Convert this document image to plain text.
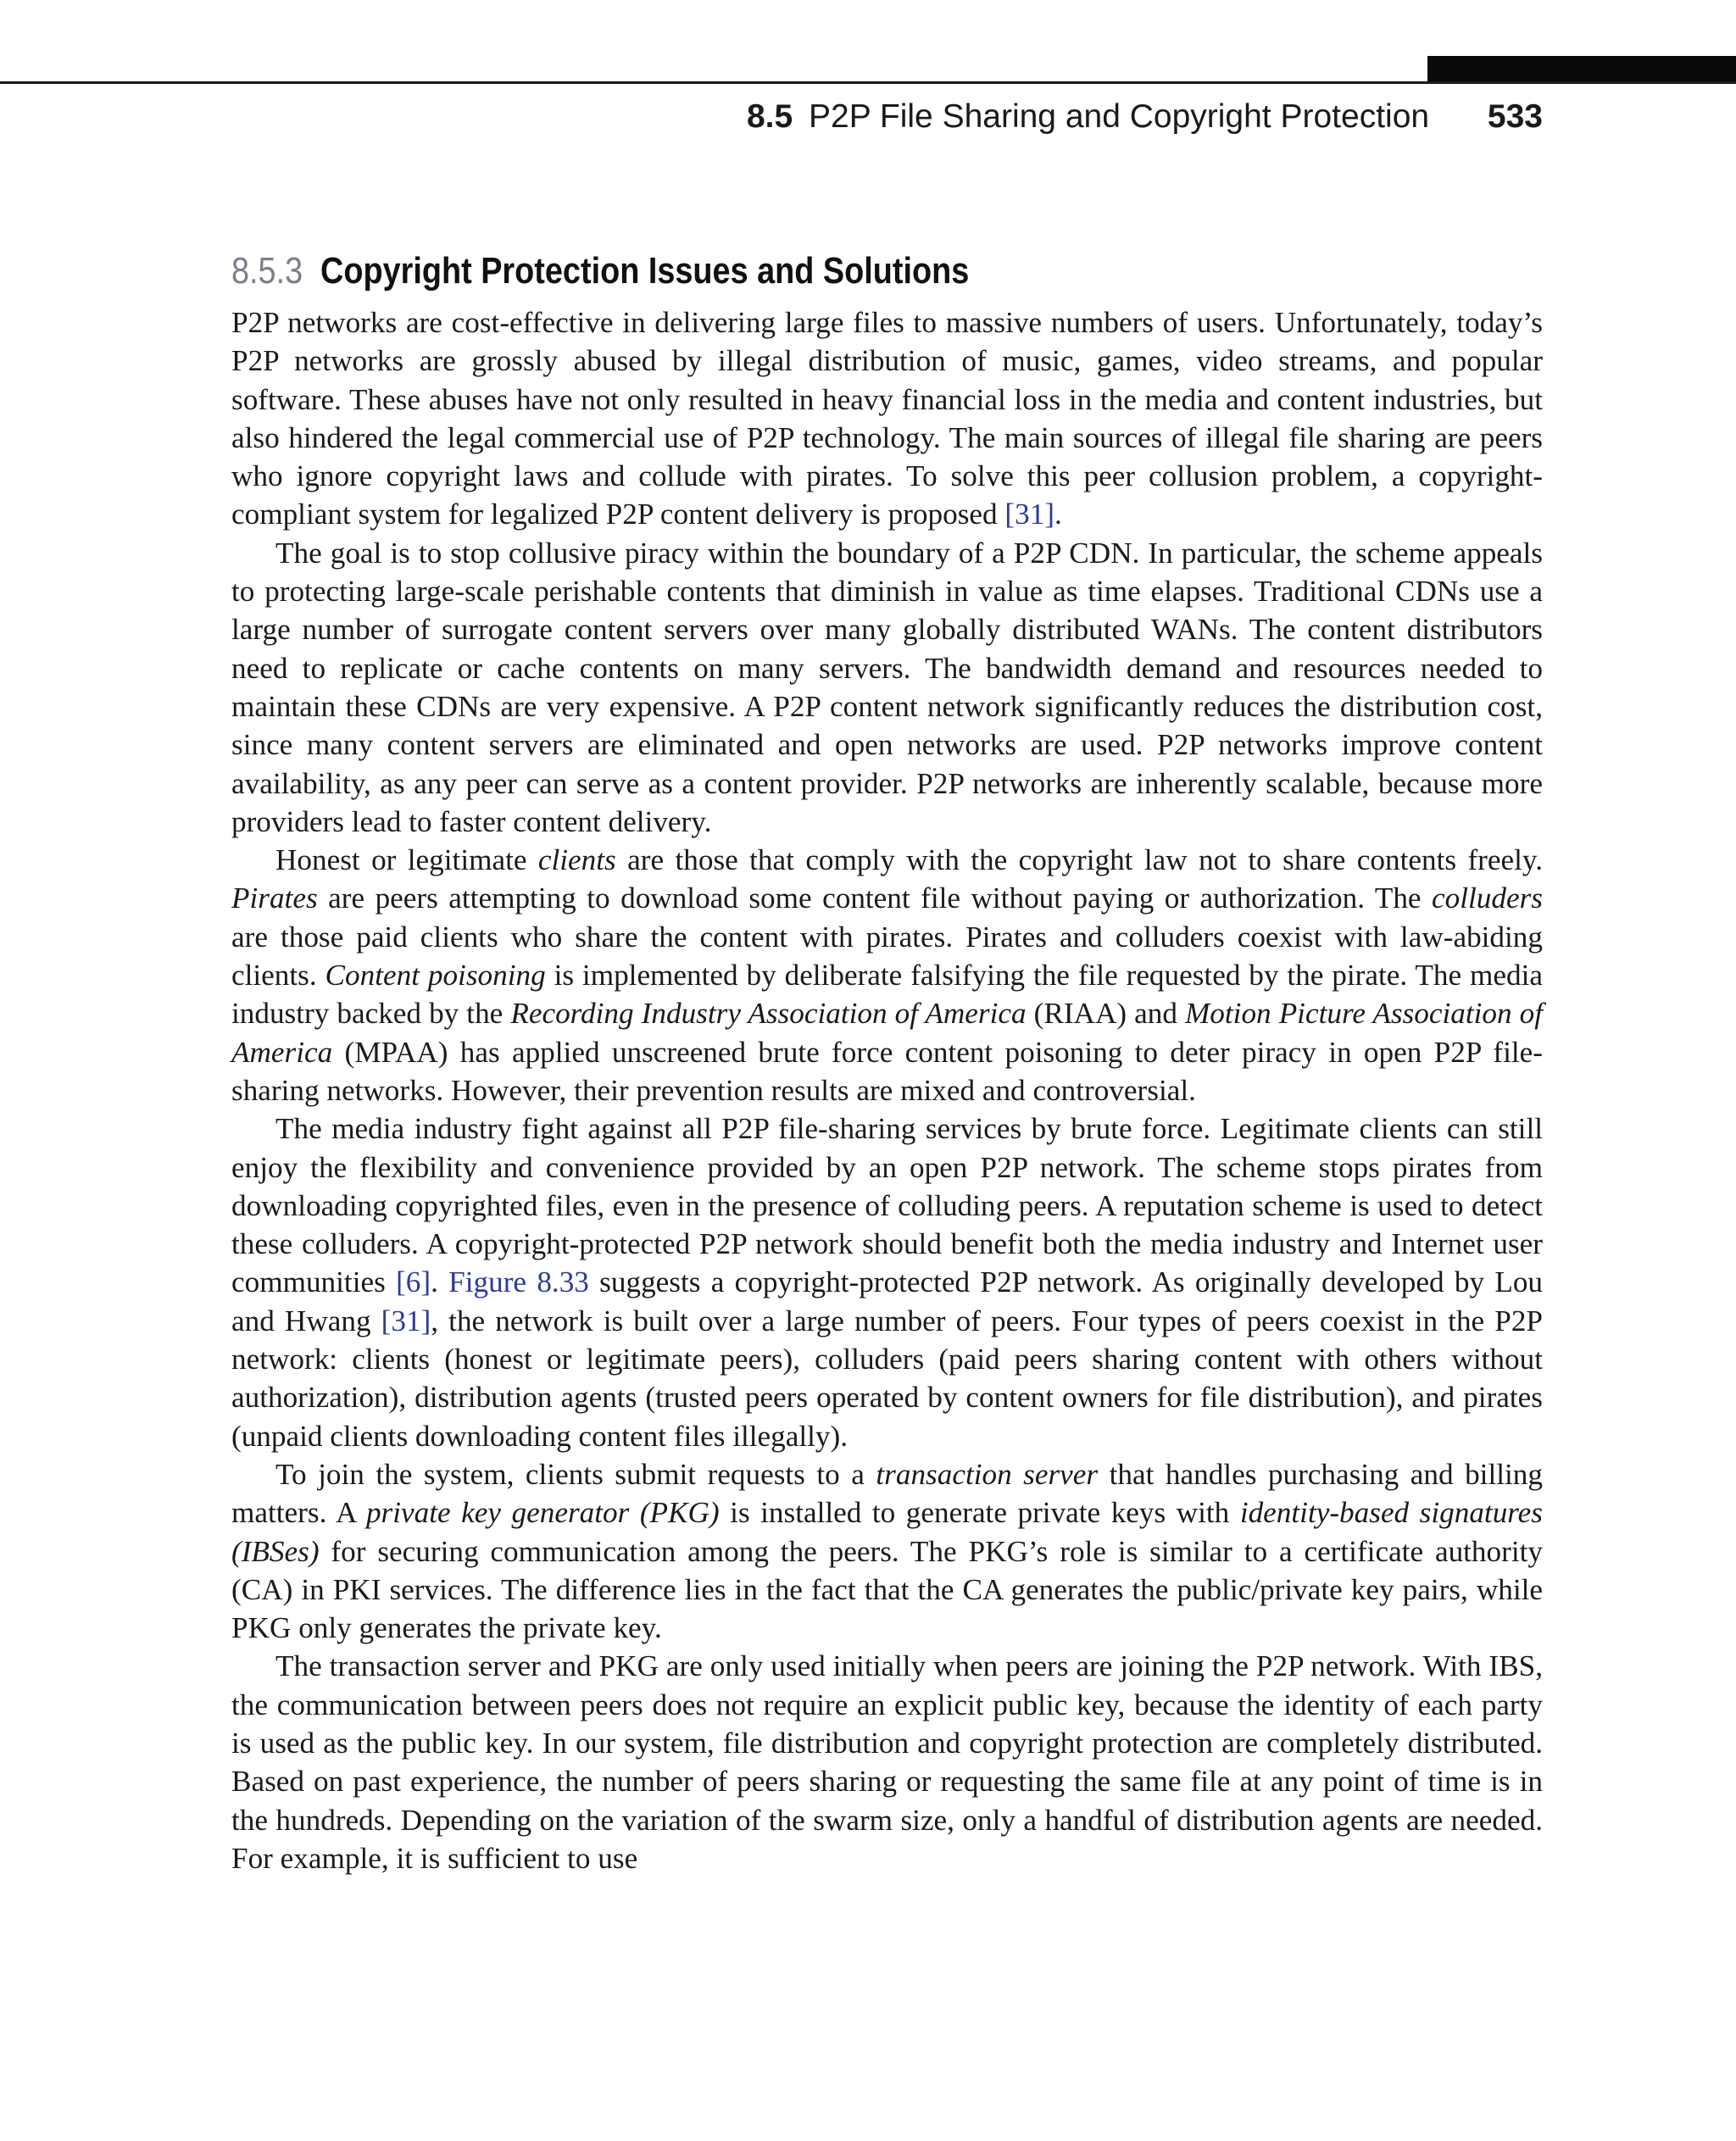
8.5 P2P File Sharing and Copyright Protection 533
8.5.3 Copyright Protection Issues and Solutions

P2P networks are cost-effective in delivering large files to massive numbers of users. Unfortunately, today’s P2P networks are grossly abused by illegal distribution of music, games, video streams, and popular software. These abuses have not only resulted in heavy financial loss in the media and content industries, but also hindered the legal commercial use of P2P technology. The main sources of illegal file sharing are peers who ignore copyright laws and collude with pirates. To solve this peer collusion problem, a copyright-compliant system for legalized P2P content delivery is proposed [31].

The goal is to stop collusive piracy within the boundary of a P2P CDN. In particular, the scheme appeals to protecting large-scale perishable contents that diminish in value as time elapses. Traditional CDNs use a large number of surrogate content servers over many globally distributed WANs. The content distributors need to replicate or cache contents on many servers. The bandwidth demand and resources needed to maintain these CDNs are very expensive. A P2P content network significantly reduces the distribution cost, since many content servers are eliminated and open networks are used. P2P networks improve content availability, as any peer can serve as a content provider. P2P networks are inherently scalable, because more providers lead to faster content delivery.

Honest or legitimate clients are those that comply with the copyright law not to share contents freely. Pirates are peers attempting to download some content file without paying or authorization. The colluders are those paid clients who share the content with pirates. Pirates and colluders coexist with law-abiding clients. Content poisoning is implemented by deliberate falsifying the file requested by the pirate. The media industry backed by the Recording Industry Association of America (RIAA) and Motion Picture Association of America (MPAA) has applied unscreened brute force content poisoning to deter piracy in open P2P file-sharing networks. However, their prevention results are mixed and controversial.

The media industry fight against all P2P file-sharing services by brute force. Legitimate clients can still enjoy the flexibility and convenience provided by an open P2P network. The scheme stops pirates from downloading copyrighted files, even in the presence of colluding peers. A reputation scheme is used to detect these colluders. A copyright-protected P2P network should benefit both the media industry and Internet user communities [6]. Figure 8.33 suggests a copyright-protected P2P network. As originally developed by Lou and Hwang [31], the network is built over a large number of peers. Four types of peers coexist in the P2P network: clients (honest or legitimate peers), colluders (paid peers sharing content with others without authorization), distribution agents (trusted peers operated by content owners for file distribution), and pirates (unpaid clients downloading content files illegally).

To join the system, clients submit requests to a transaction server that handles purchasing and billing matters. A private key generator (PKG) is installed to generate private keys with identity-based signatures (IBSes) for securing communication among the peers. The PKG’s role is similar to a certificate authority (CA) in PKI services. The difference lies in the fact that the CA generates the public/private key pairs, while PKG only generates the private key.

The transaction server and PKG are only used initially when peers are joining the P2P network. With IBS, the communication between peers does not require an explicit public key, because the identity of each party is used as the public key. In our system, file distribution and copyright protection are completely distributed. Based on past experience, the number of peers sharing or requesting the same file at any point of time is in the hundreds. Depending on the variation of the swarm size, only a handful of distribution agents are needed. For example, it is sufficient to use
